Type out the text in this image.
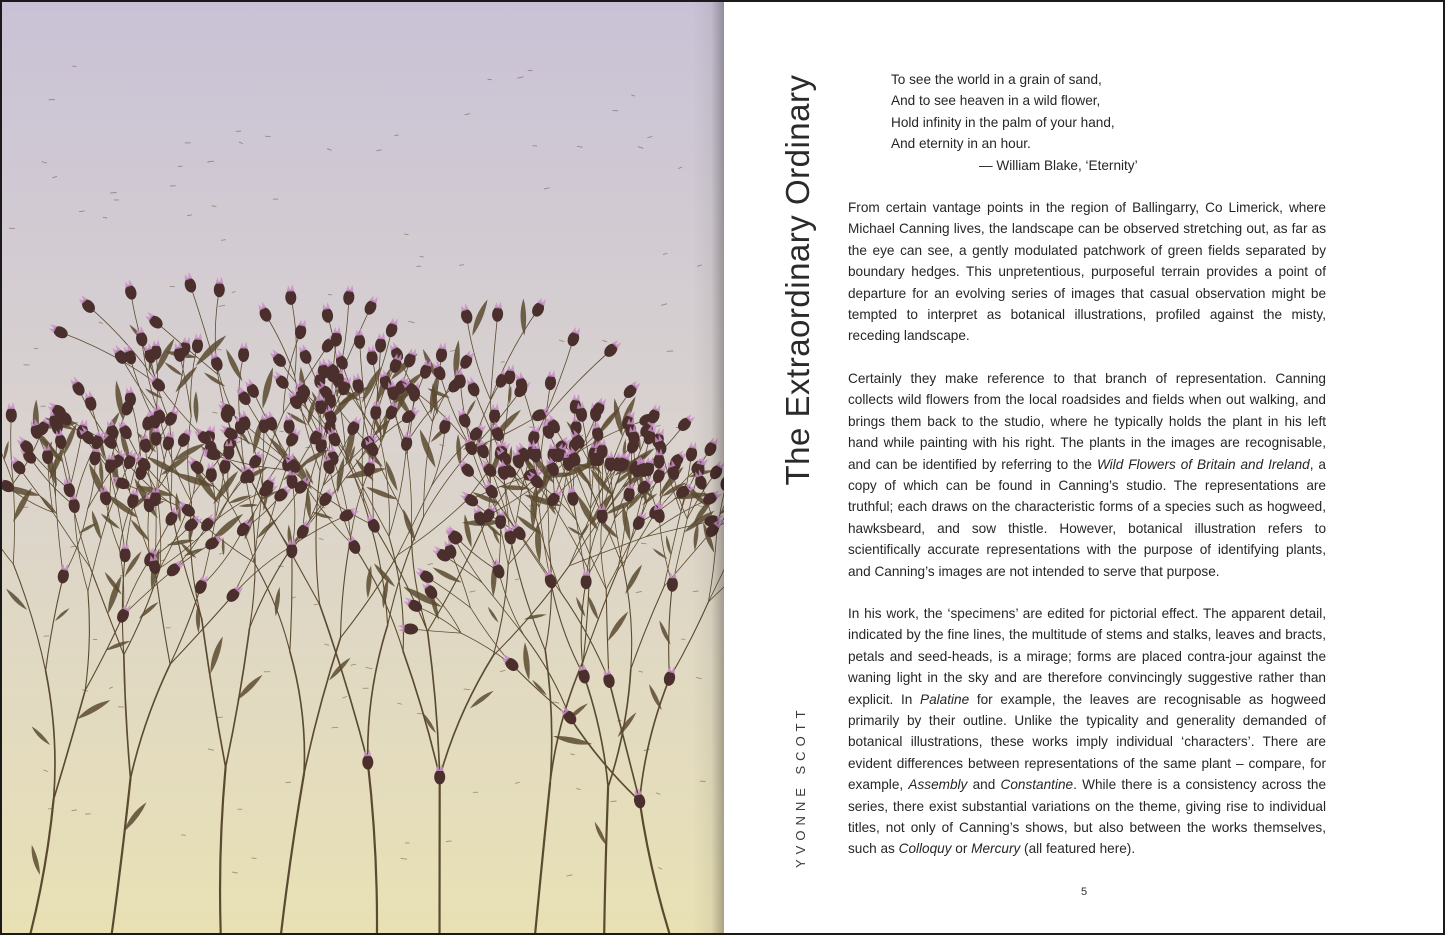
The Extraordinary Ordinary
YVONNE SCOTT
To see the world in a grain of sand,
And to see heaven in a wild flower,
Hold infinity in the palm of your hand,
And eternity in an hour.
— William Blake, ‘Eternity’

From certain vantage points in the region of Ballingarry, Co Limerick, where Michael Canning lives, the landscape can be observed stretching out, as far as the eye can see, a gently modulated patchwork of green fields separated by boundary hedges. This unpretentious, purposeful terrain provides a point of departure for an evolving series of images that casual observation might be tempted to interpret as botanical illustrations, profiled against the misty, receding landscape.

Certainly they make reference to that branch of representation. Canning collects wild flowers from the local roadsides and fields when out walking, and brings them back to the studio, where he typically holds the plant in his left hand while painting with his right. The plants in the images are recognisable, and can be identified by referring to the Wild Flowers of Britain and Ireland, a copy of which can be found in Canning’s studio. The representations are truthful; each draws on the characteristic forms of a species such as hogweed, hawksbeard, and sow thistle. However, botanical illustration refers to scientifically accurate representations with the purpose of identifying plants, and Canning’s images are not intended to serve that purpose.

In his work, the ‘specimens’ are edited for pictorial effect. The apparent detail, indicated by the fine lines, the multitude of stems and stalks, leaves and bracts, petals and seed-heads, is a mirage; forms are placed contra-jour against the waning light in the sky and are therefore convincingly suggestive rather than explicit. In Palatine for example, the leaves are recognisable as hogweed primarily by their outline. Unlike the typicality and generality demanded of botanical illustrations, these works imply individual ‘characters’. There are evident differences between representations of the same plant – compare, for example, Assembly and Constantine. While there is a consistency across the series, there exist substantial variations on the theme, giving rise to individual titles, not only of Canning’s shows, but also between the works themselves, such as Colloquy or Mercury (all featured here).

5
